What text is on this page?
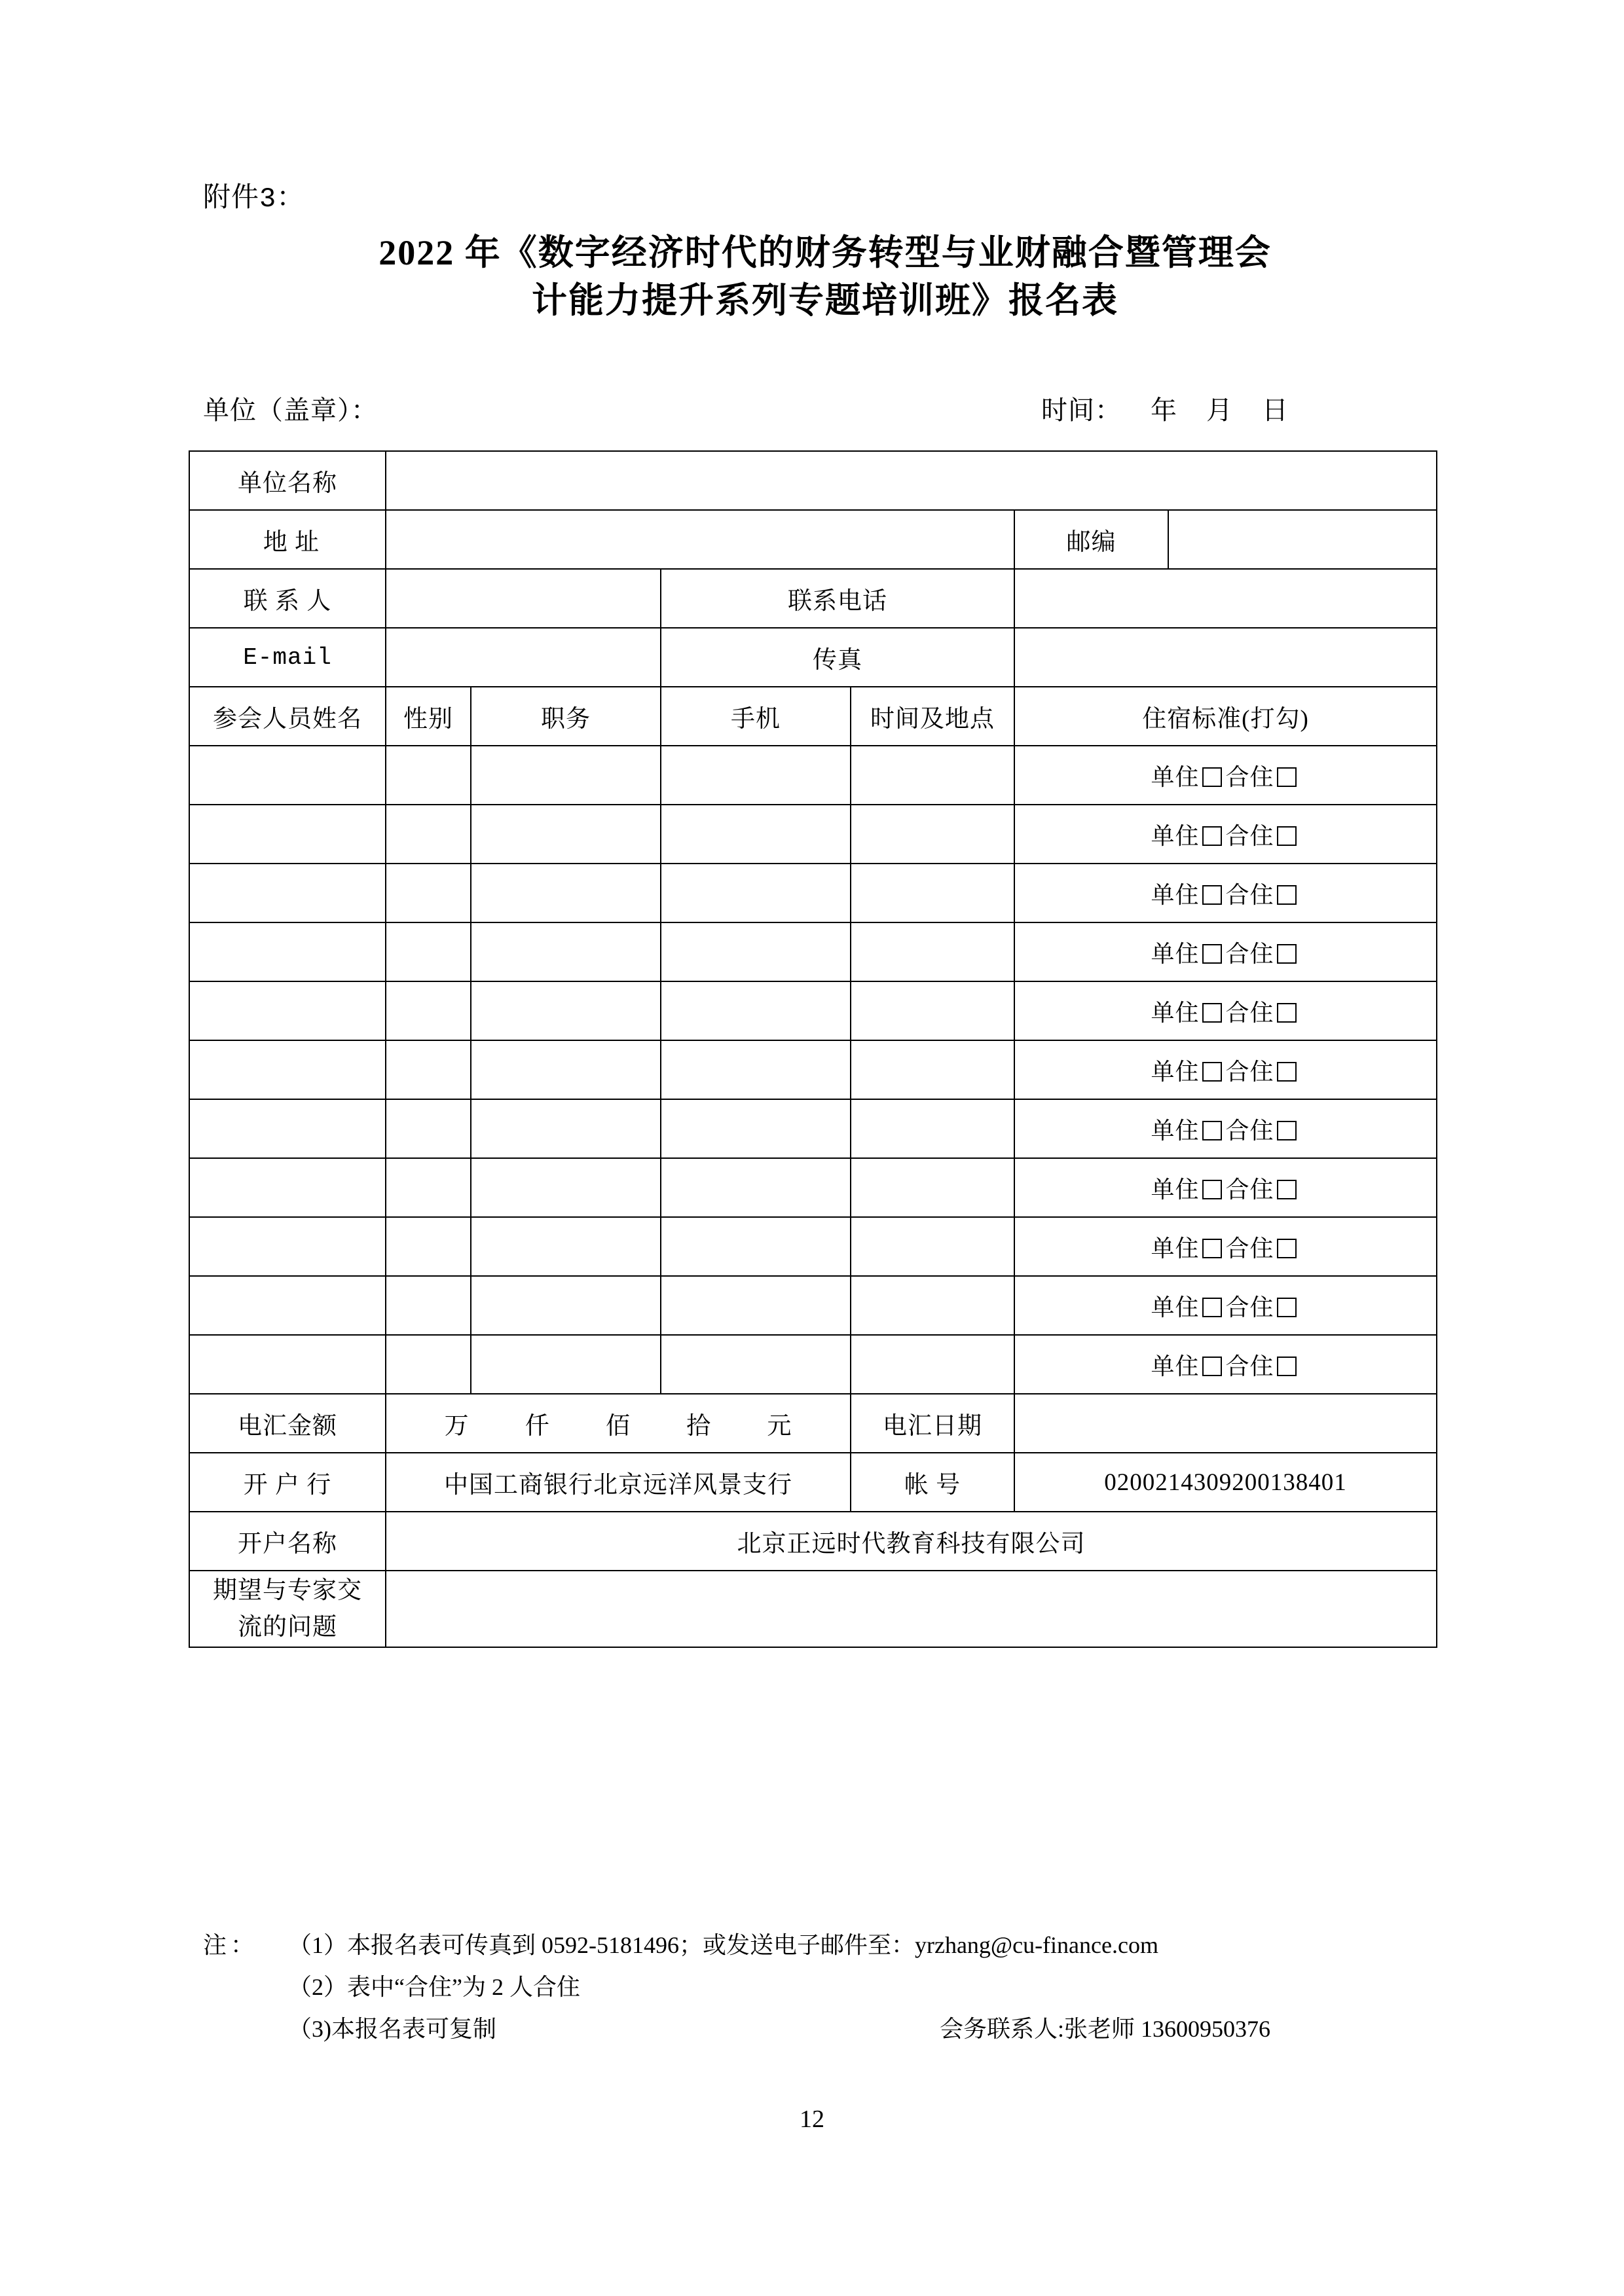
附件3：
2022 年《数字经济时代的财务转型与业财融合暨管理会
计能力提升系列专题培训班》报名表
单位（盖章）：	时间：    年    月    日
单位名称						
地 址					邮编	
联 系 人			联系电话			
E-mail			传真			
参会人员姓名	性别	职务	手机	时间及地点	住宿标准(打勾)	
					单住 合住	
					单住 合住	
					单住 合住	
					单住 合住	
					单住 合住	
					单住 合住	
					单住 合住	
					单住 合住	
					单住 合住	
					单住 合住	
					单住 合住	
电汇金额	万 仟 佰 拾 元			电汇日期		
开 户 行	中国工商银行北京远洋风景支行			帐 号	0200214309200138401	
开户名称	北京正远时代教育科技有限公司					

期望与专家交
流的问题						

注： （1）本报名表可传真到 0592-5181496；或发送电子邮件至：yrzhang@cu-finance.com
（2）表中“合住”为 2 人合住
（3)本报名表可复制	会务联系人:张老师 13600950376
12
